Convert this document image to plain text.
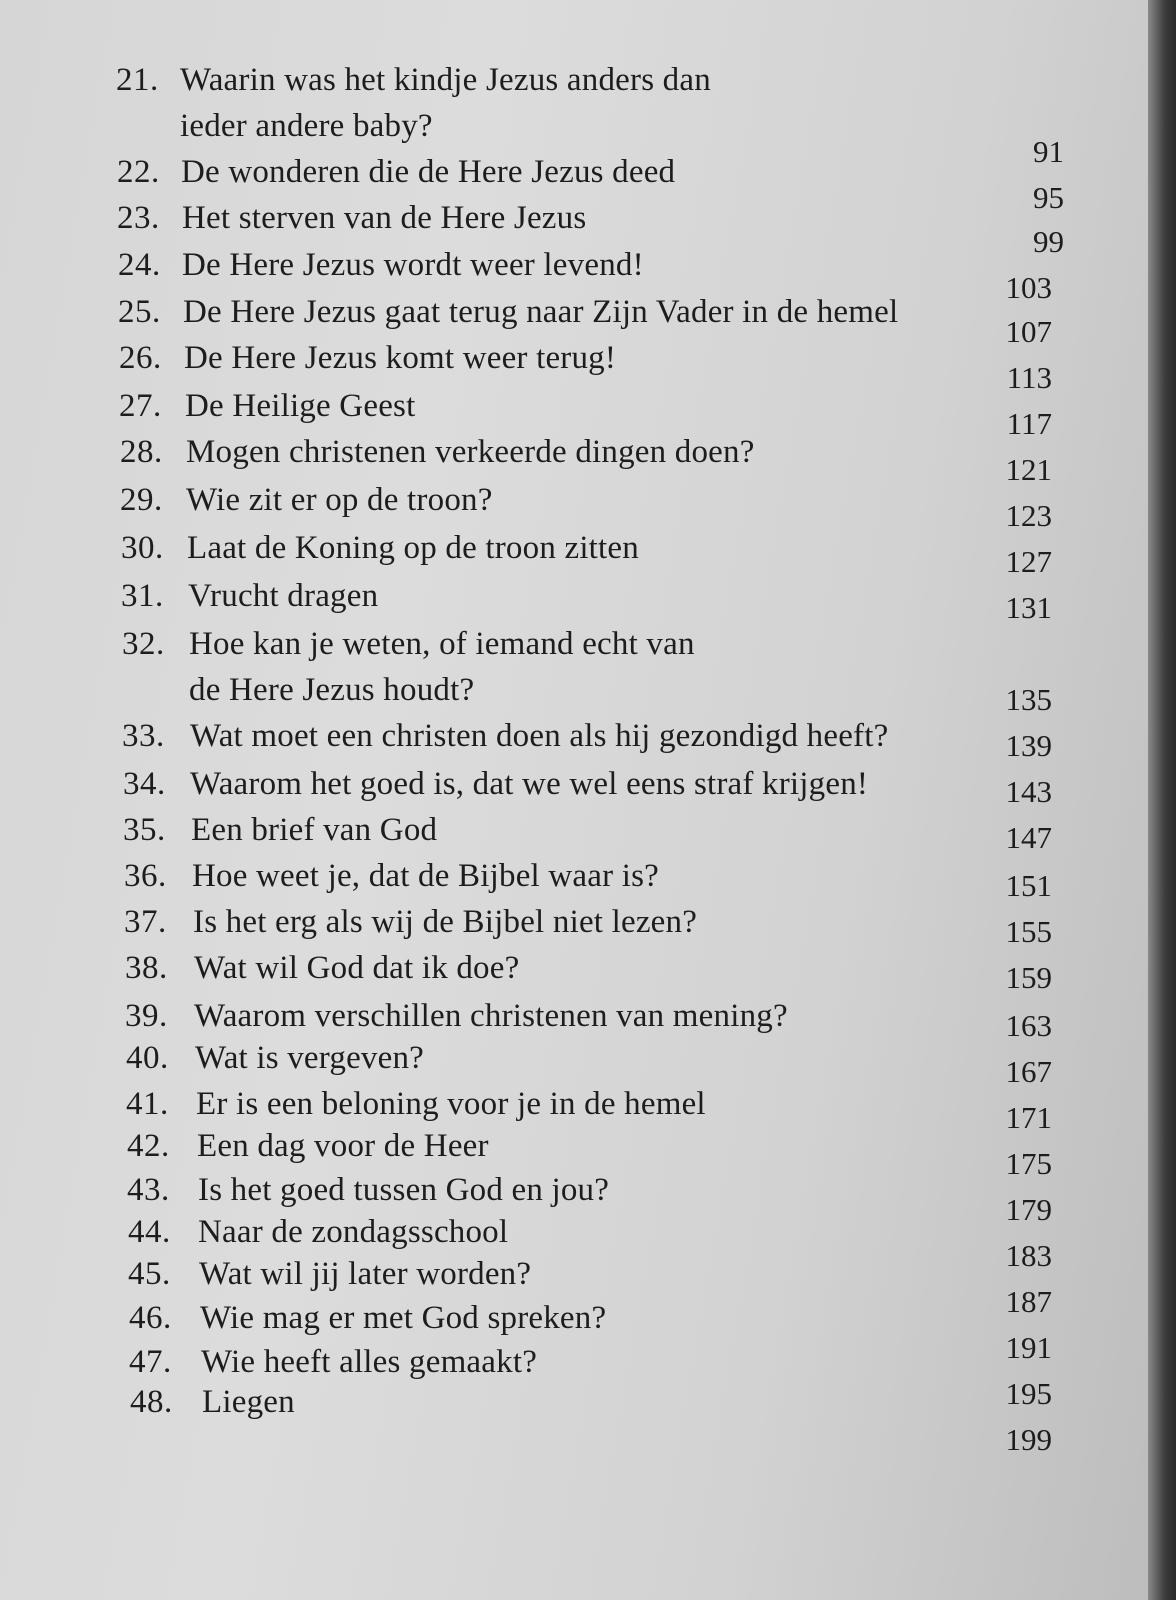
21. Waarin was het kindje Jezus anders dan
ieder andere baby?
91
22. De wonderen die de Here Jezus deed
95
23. Het sterven van de Here Jezus
99
24. De Here Jezus wordt weer levend!
103
25. De Here Jezus gaat terug naar Zijn Vader in de hemel
107
26. De Here Jezus komt weer terug!
113
27. De Heilige Geest	117
28. Mogen christenen verkeerde dingen doen?	121
29. Wie zit er op de troon?	123
30. Laat de Koning op de troon zitten	127
31. Vrucht dragen	131
32. Hoe kan je weten, of iemand echt van
de Here Jezus houdt?	135
33. Wat moet een christen doen als hij gezondigd heeft?	139
34. Waarom het goed is, dat we wel eens straf krijgen!	143
35. Een brief van God	147
36. Hoe weet je, dat de Bijbel waar is?	151
37. Is het erg als wij de Bijbel niet lezen?	155
38. Wat wil God dat ik doe?	159
39. Waarom verschillen christenen van mening?	163
40. Wat is vergeven?	167
41. Er is een beloning voor je in de hemel	171
42. Een dag voor de Heer	175
43. Is het goed tussen God en jou?
179
44. Naar de zondagsschool
183
45. Wat wil jij later worden?
187
46. Wie mag er met God spreken?
191
47. Wie heeft alles gemaakt?
195
48. Liegen
199
